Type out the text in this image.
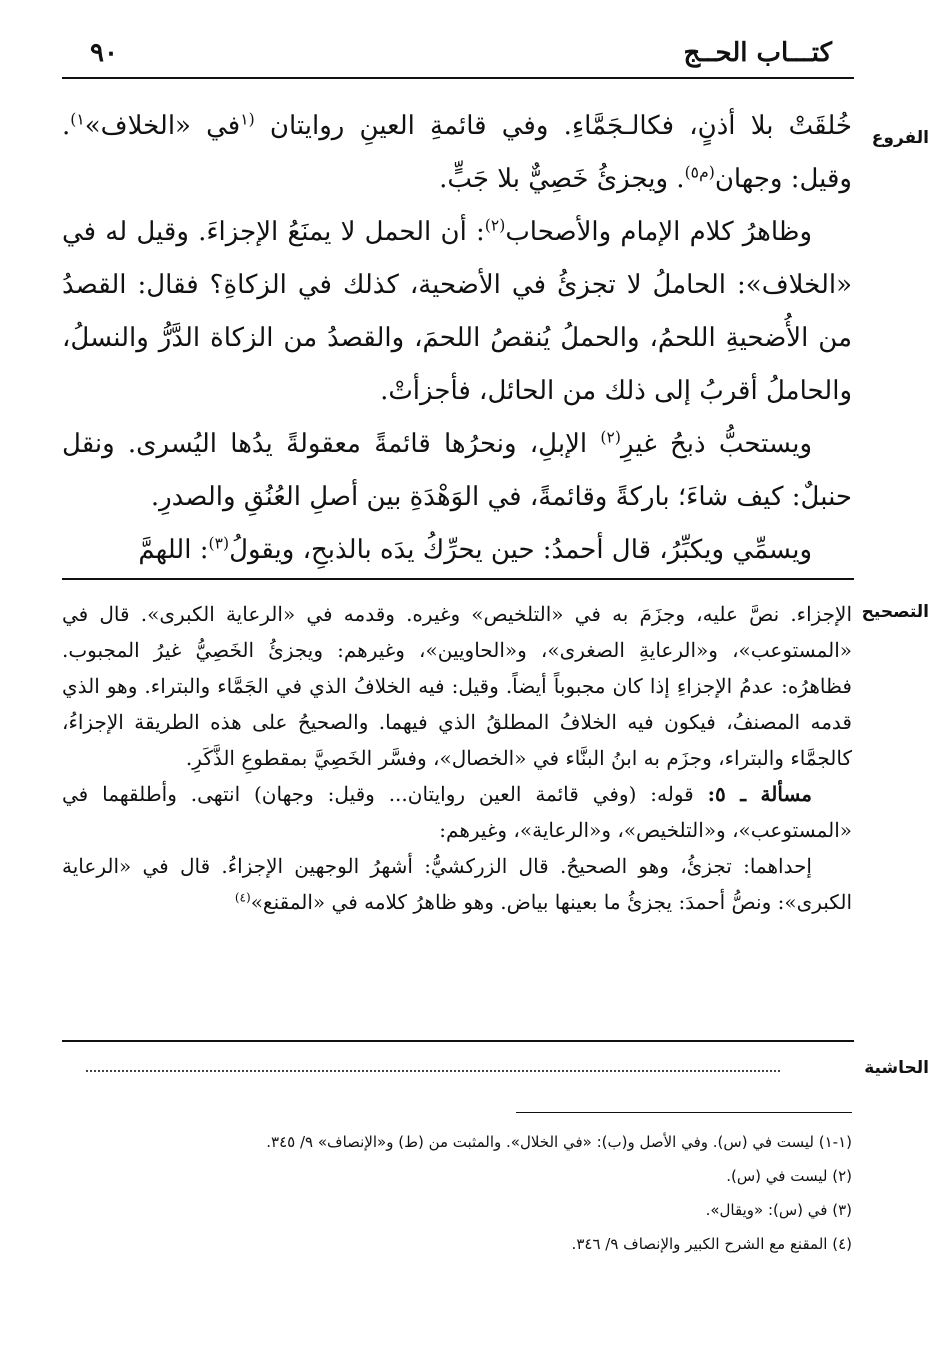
كتـــاب الحــج
٩٠
الفروع

خُلقَتْ بلا أذنٍ، فكالـجَمَّاءِ. وفي قائمةِ العينِ روايتان $^{(١}$في «الخلاف»$^{١)}$. وقيل: وجهان$^{(م٥)}$. ويجزئُ خَصِيٌّ بلا جَبٍّ.

وظاهرُ كلام الإمام والأصحاب$^{(٢)}$: أن الحمل لا يمنَعُ الإجزاءَ. وقيل له في «الخلاف»: الحاملُ لا تجزئُ في الأضحية، كذلك في الزكاةِ؟ فقال: القصدُ من الأُضحيةِ اللحمُ، والحملُ يُنقصُ اللحمَ، والقصدُ من الزكاة الدَّرُّ والنسلُ، والحاملُ أقربُ إلى ذلك من الحائل، فأجزأتْ.

ويستحبُّ ذبحُ غيرِ$^{(٢)}$ الإبلِ، ونحرُها قائمةً معقولةً يدُها اليُسرى. ونقل حنبلٌ: كيف شاءَ؛ باركةً وقائمةً، في الوَهْدَةِ بين أصلِ العُنُقِ والصدرِ.

ويسمِّي ويكبِّرُ، قال أحمدُ: حين يحرِّكُ يدَه بالذبحِ، ويقولُ$^{(٣)}$: اللهمَّ

التصحيح

الإجزاء. نصَّ عليه، وجزَمَ به في «التلخيص» وغيره. وقدمه في «الرعاية الكبرى». قال في «المستوعب»، و«الرعايةِ الصغرى»، و«الحاويين»، وغيرهم: ويجزئُ الخَصِيُّ غيرُ المجبوب. فظاهرُه: عدمُ الإجزاءِ إذا كان مجبوباً أيضاً. وقيل: فيه الخلافُ الذي في الجَمَّاء والبتراء. وهو الذي قدمه المصنفُ، فيكون فيه الخلافُ المطلقُ الذي فيهما. والصحيحُ على هذه الطريقة الإجزاءُ، كالجمَّاء والبتراء، وجزَم به ابنُ البنَّاء في «الخصال»، وفسَّر الخَصِيَّ بمقطوعِ الذَّكَرِ.

مسألة ـ ٥: قوله: (وفي قائمة العين روايتان... وقيل: وجهان) انتهى. وأطلقهما في «المستوعب»، و«التلخيص»، و«الرعاية»، وغيرهم:

إحداهما: تجزئُ، وهو الصحيحُ. قال الزركشيُّ: أشهرُ الوجهين الإجزاءُ. قال في «الرعاية الكبرى»: ونصُّ أحمدَ: يجزئُ ما بعينها بياض. وهو ظاهرُ كلامه في «المقنع»$^{(٤)}$

الحاشية

(١-١) ليست في (س). وفي الأصل و(ب): «في الخلال». والمثبت من (ط) و«الإنصاف» ٩/ ٣٤٥.

(٢) ليست في (س).

(٣) في (س): «ويقال».

(٤) المقنع مع الشرح الكبير والإنصاف ٩/ ٣٤٦.
